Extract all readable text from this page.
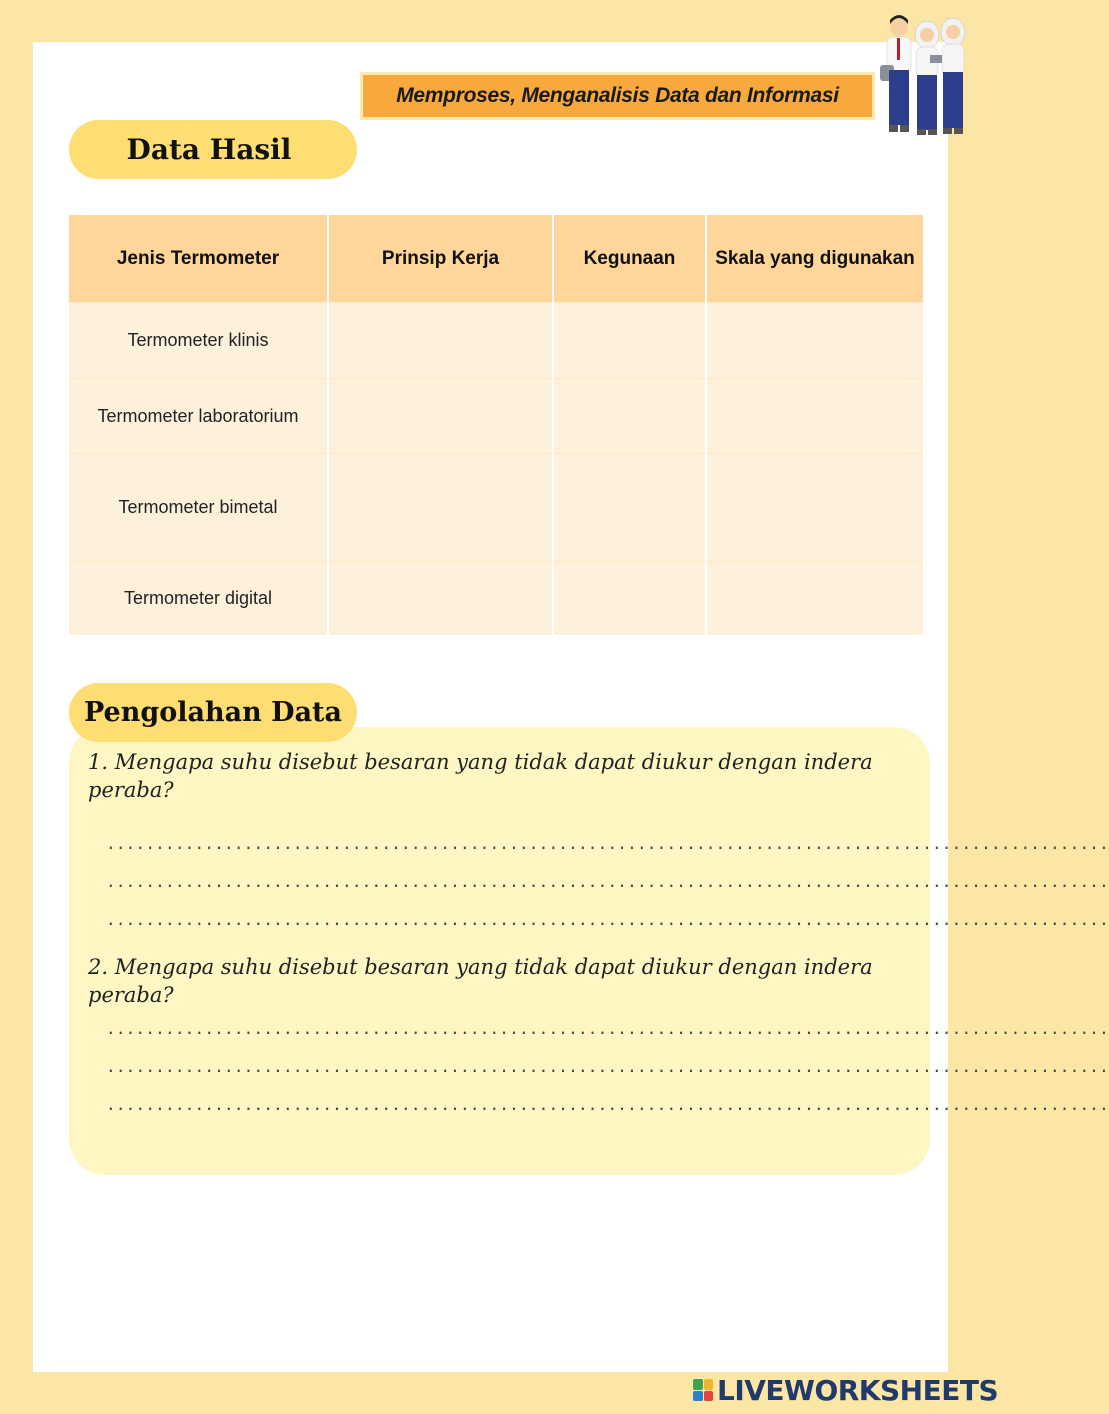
Memproses, Menganalisis Data dan Informasi
Data Hasil
Jenis Termometer	Prinsip Kerja	Kegunaan	Skala yang digunakan
Termometer klinis			
Termometer laboratorium			
Termometer bimetal			
Termometer digital			
Pengolahan Data
1. Mengapa suhu disebut besaran yang tidak dapat diukur dengan indera peraba?
......................................................................................................
......................................................................................................
......................................................................................................
2. Mengapa suhu disebut besaran yang tidak dapat diukur dengan indera peraba?
......................................................................................................
......................................................................................................
......................................................................................................
LIVEWORKSHEETS
